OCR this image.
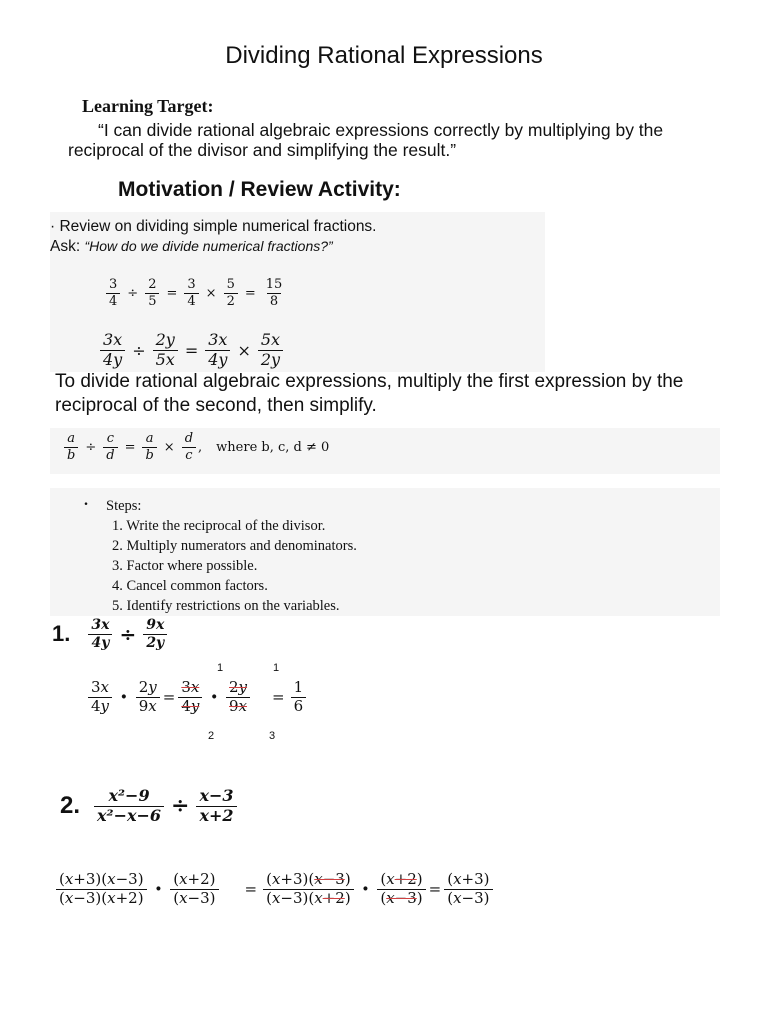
Dividing Rational Expressions
Learning Target:
“I can divide rational algebraic expressions correctly by multiplying by the reciprocal of the divisor and simplifying the result.”
Motivation / Review Activity:
· Review on dividing simple numerical fractions.
Ask: “How do we divide numerical fractions?”
$\frac{3}{4} \div \frac{2}{5} = \frac{3}{4} \times \frac{5}{2} = \frac{15}{8}$
$\frac{3x}{4y} \div \frac{2y}{5x} = \frac{3x}{4y} \times \frac{5x}{2y}$
To divide rational algebraic expressions, multiply the first expression by the reciprocal of the second, then simplify.
$\frac{a}{b} \div \frac{c}{d} = \frac{a}{b} \times \frac{d}{c}$ ,	where b, c, d ≠ 0
. Steps:
1. Write the reciprocal of the divisor.
2. Multiply numerators and denominators.
3. Factor where possible.
4. Cancel common factors.
5. Identify restrictions on the variables.
1.	$\frac{3x}{4y} \div \frac{9x}{2y}$
1	1
$\frac{\text{3𝑥}}{\text{4𝑦}} \cdot \frac{\text{2𝑦}}{\text{9𝑥}} = \frac{\text{3𝑥}}{\text{4𝑦}} \cdot \frac{\text{2𝑦}}{\text{9𝑥}}$	= $\frac{1}{6}$
2	3
2. $\frac{\text{x²−9}}{\text{x²−x−6}} \div \frac{x-3}{x+2}$
$\frac{\text{(𝑥+3)(𝑥−3)}}{\text{(𝑥−3)(𝑥+2)}} \cdot \frac{\text{(𝑥+2)}}{\text{(𝑥−3)}}$	= $\frac{\text{(𝑥+3)(𝑥−3)}}{\text{(𝑥−3)(𝑥+2)}} \cdot \frac{\text{(𝑥+2)}}{\text{(𝑥−3)}} = \frac{\text{(𝑥+3)}}{\text{(𝑥−3)}}$
